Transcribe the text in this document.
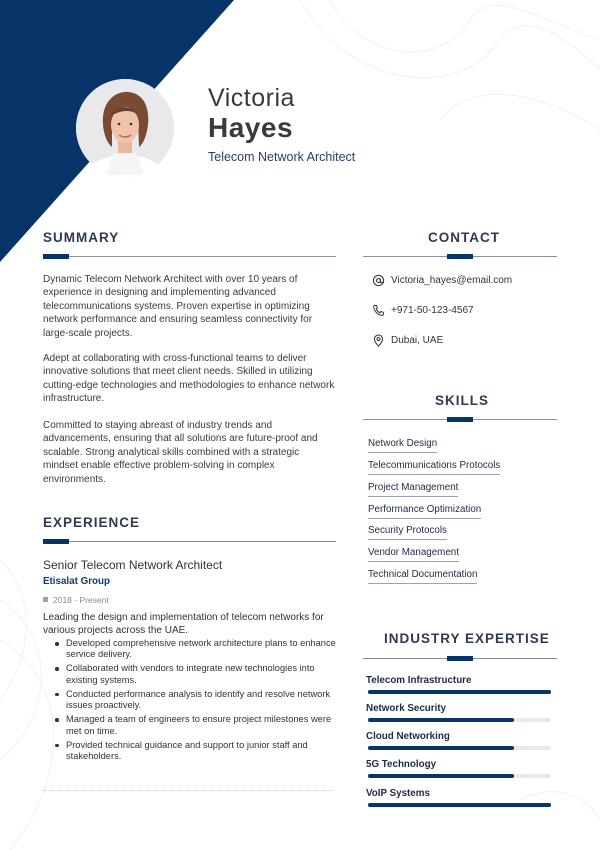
Victoria
Hayes
Telecom Network Architect
SUMMARY

Dynamic Telecom Network Architect with over 10 years of experience in designing and implementing advanced telecommunications systems. Proven expertise in optimizing network performance and ensuring seamless connectivity for large-scale projects.

Adept at collaborating with cross-functional teams to deliver innovative solutions that meet client needs. Skilled in utilizing cutting-edge technologies and methodologies to enhance network infrastructure.

Committed to staying abreast of industry trends and advancements, ensuring that all solutions are future-proof and scalable. Strong analytical skills combined with a strategic mindset enable effective problem-solving in complex environments.

EXPERIENCE
Senior Telecom Network Architect
Etisalat Group
2018 - Present

Leading the design and implementation of telecom networks for various projects across the UAE.

Developed comprehensive network architecture plans to enhance service delivery.
Collaborated with vendors to integrate new technologies into existing systems.
Conducted performance analysis to identify and resolve network issues proactively.
Managed a team of engineers to ensure project milestones were met on time.
Provided technical guidance and support to junior staff and stakeholders.
CONTACT
Victoria_hayes@email.com
+971-50-123-4567
Dubai, UAE
SKILLS
Network Design
Telecommunications Protocols
Project Management
Performance Optimization
Security Protocols
Vendor Management
Technical Documentation
INDUSTRY EXPERTISE
Telecom Infrastructure
Network Security
Cloud Networking
5G Technology
VoIP Systems
